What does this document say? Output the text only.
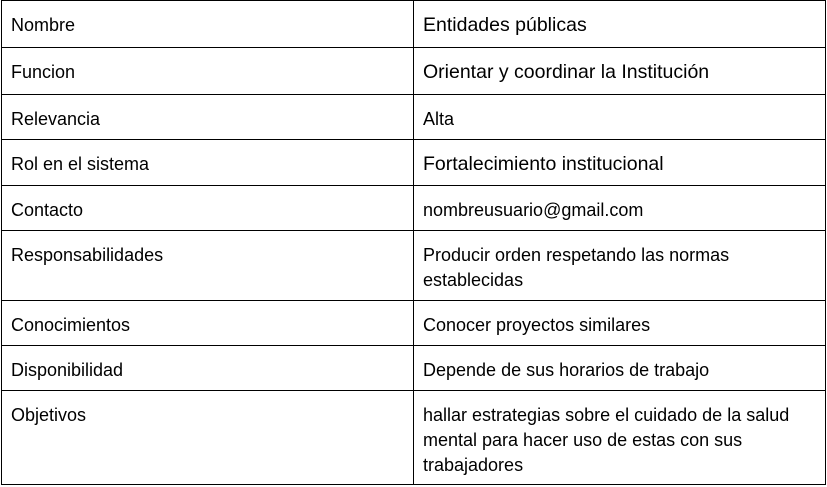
Nombre	Entidades públicas
Funcion	Orientar y coordinar la Institución
Relevancia	Alta
Rol en el sistema	Fortalecimiento institucional
Contacto	nombreusuario@gmail.com
Responsabilidades	Producir orden respetando las normas establecidas
Conocimientos	Conocer proyectos similares
Disponibilidad	Depende de sus horarios de trabajo
Objetivos	hallar estrategias sobre el cuidado de la salud mental para hacer uso de estas con sus trabajadores
